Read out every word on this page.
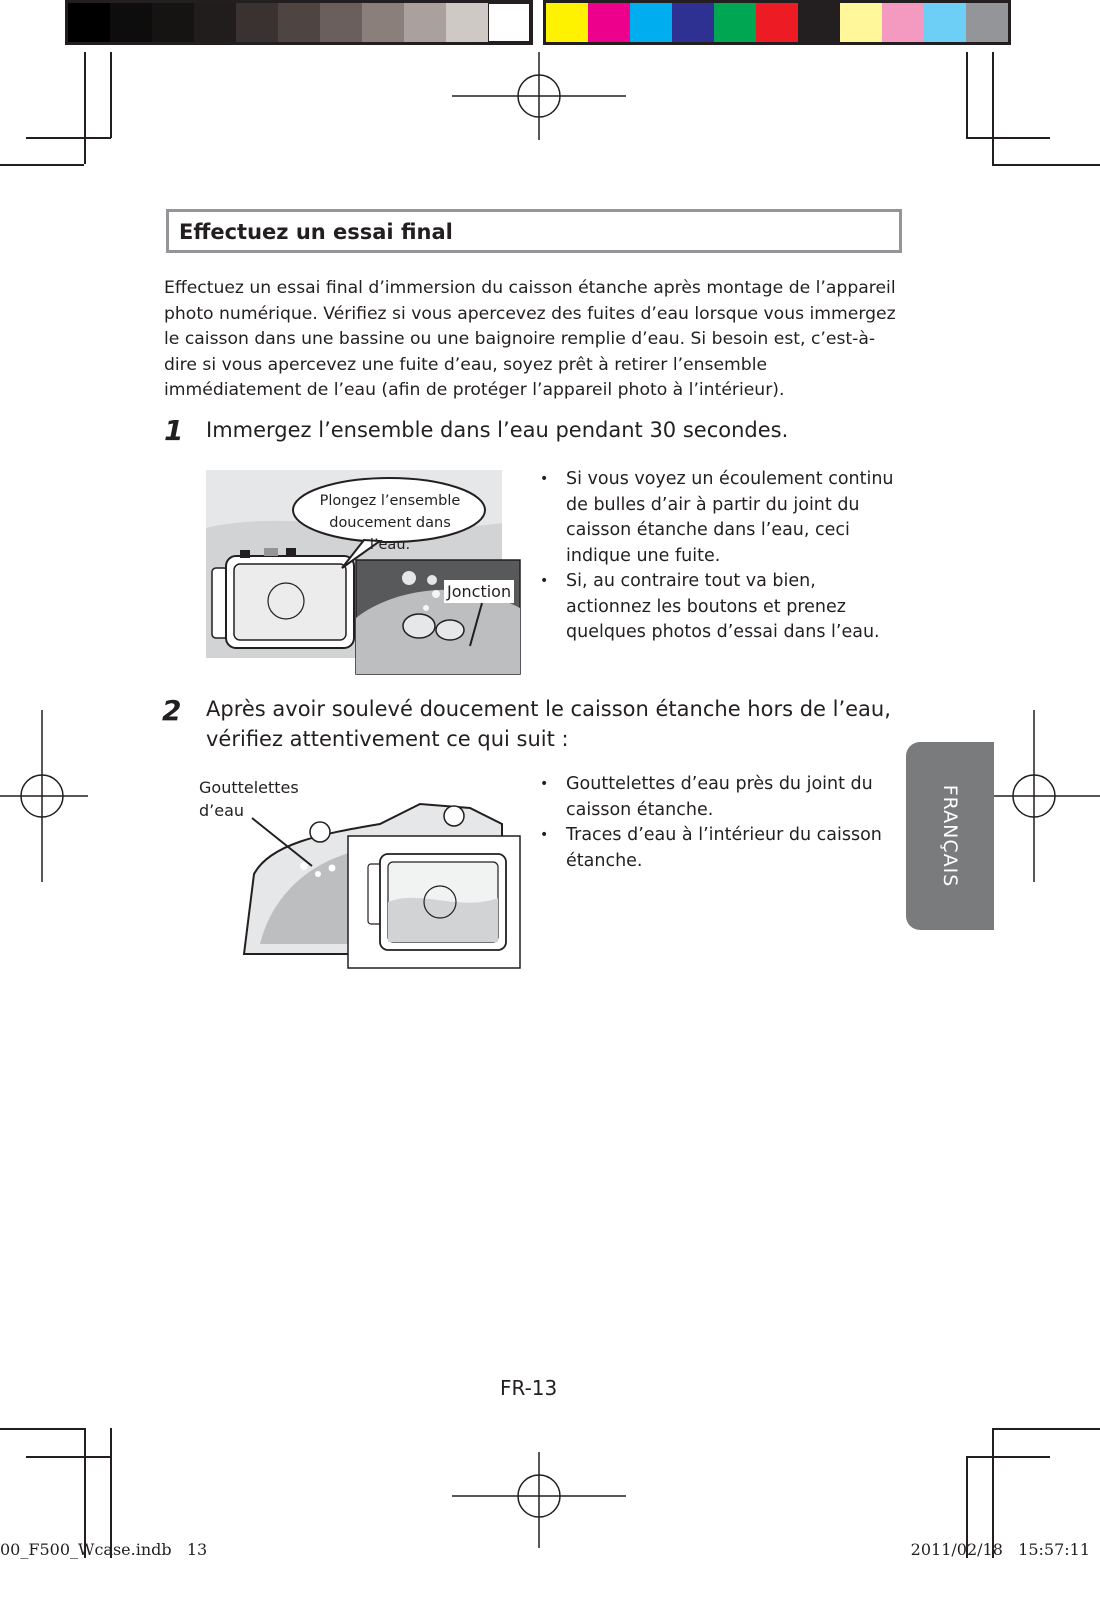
Effectuez un essai final
Effectuez un essai final d’immersion du caisson étanche après montage de l’appareil photo numérique. Vérifiez si vous apercevez des fuites d’eau lorsque vous immergez le caisson dans une bassine ou une baignoire remplie d’eau. Si besoin est, c’est-à-dire si vous apercevez une fuite d’eau, soyez prêt à retirer l’ensemble immédiatement de l’eau (afin de protéger l’appareil photo à l’intérieur).
1 Immergez l’ensemble dans l’eau pendant 30 secondes.
Plongez l’ensemble doucement dans l’eau.
Jonction
• Si vous voyez un écoulement continu de bulles d’air à partir du joint du caisson étanche dans l’eau, ceci indique une fuite.
• Si, au contraire tout va bien, actionnez les boutons et prenez quelques photos d’essai dans l’eau.
2 Après avoir soulevé doucement le caisson étanche hors de l’eau, vérifiez attentivement ce qui suit :
Gouttelettes d’eau
• Gouttelettes d’eau près du joint du caisson étanche.
• Traces d’eau à l’intérieur du caisson étanche.	FRANÇAIS
FR-13
00_F500_Wcase.indb   13	2011/02/18   15:57:11
